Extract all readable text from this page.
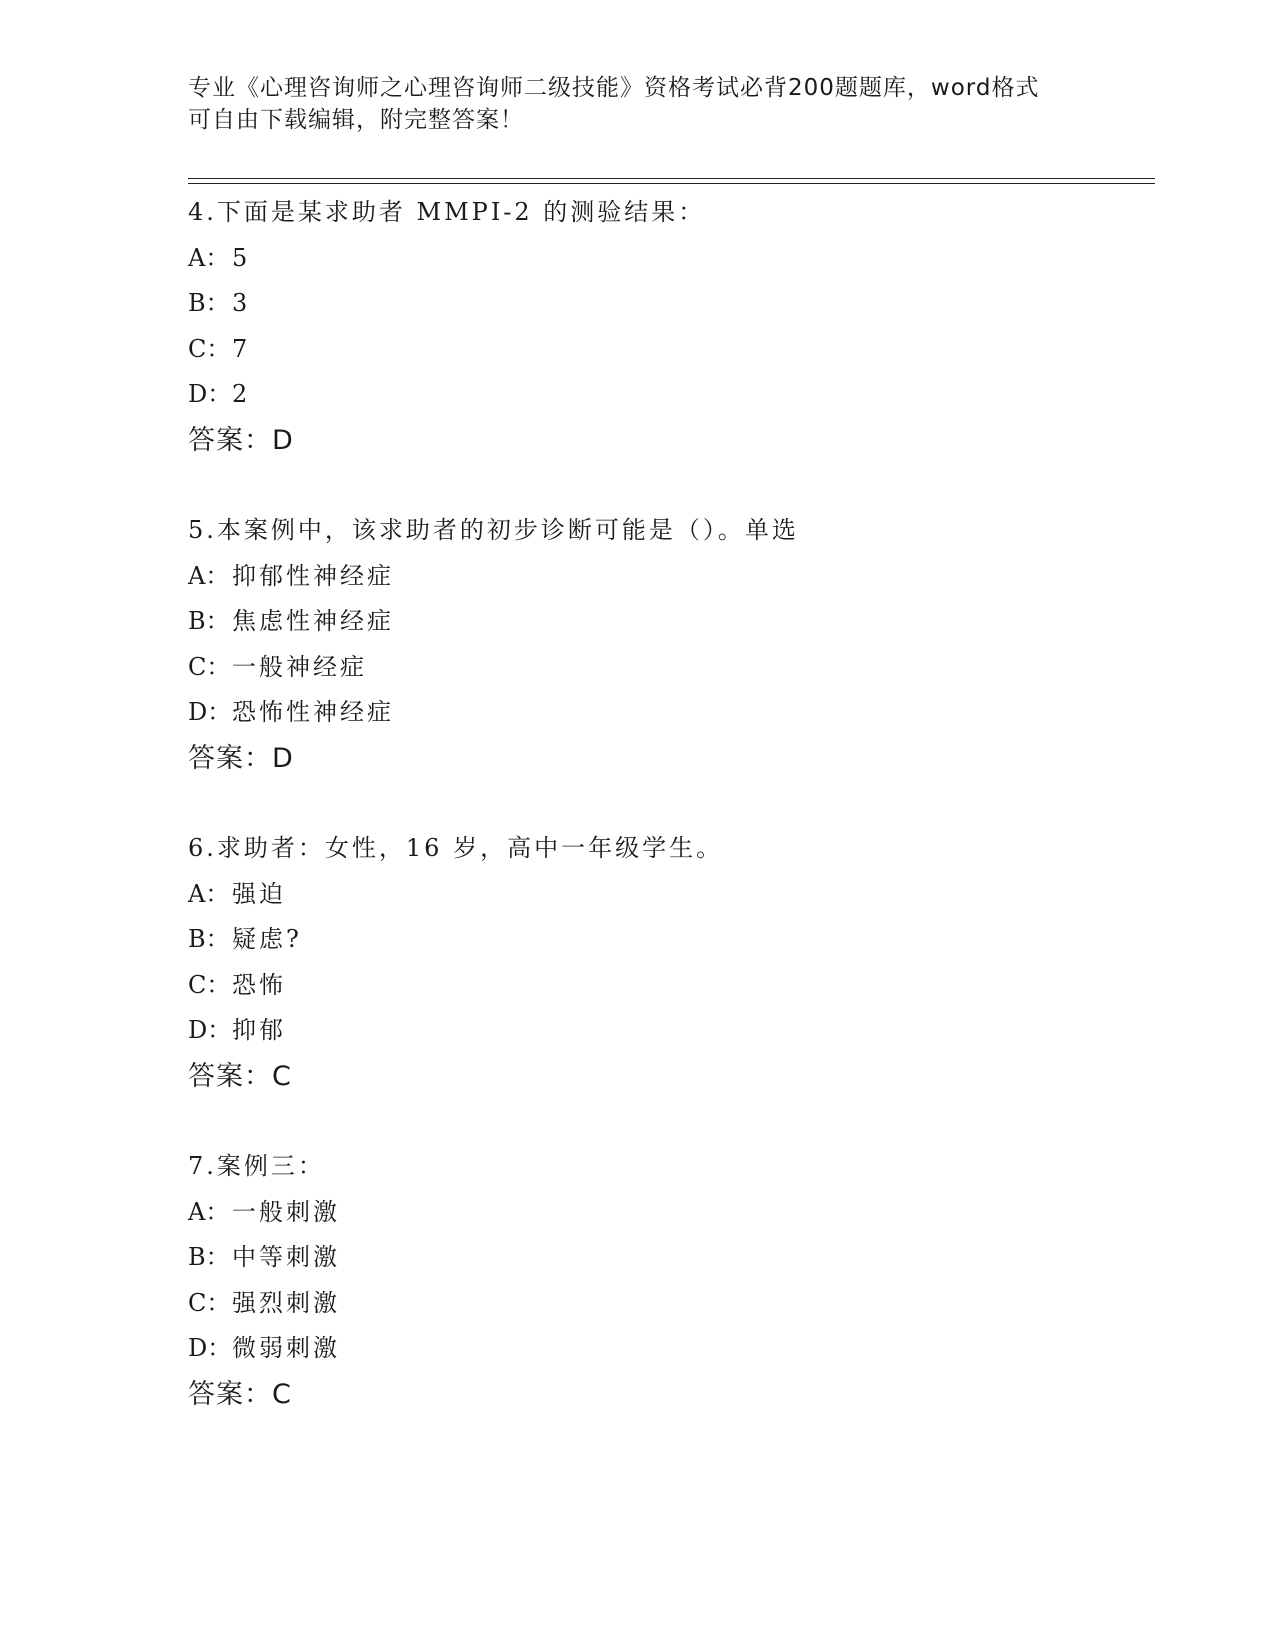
专业《心理咨询师之心理咨询师二级技能》资格考试必背200题题库，word格式
可自由下载编辑，附完整答案！
4.下面是某求助者 MMPI-2 的测验结果：
A： 5
B：3
C：7
D：2
答案：D
5.本案例中，该求助者的初步诊断可能是（）。单选
A： 抑郁性神经症
B：焦虑性神经症
C：一般神经症
D：恐怖性神经症
答案：D
6.求助者：女性，16 岁，高中一年级学生。
A： 强迫
B：疑虑?
C：恐怖
D：抑郁
答案：C
7.案例三：
A： 一般刺激
B：中等刺激
C：强烈刺激
D：微弱刺激
答案：C
